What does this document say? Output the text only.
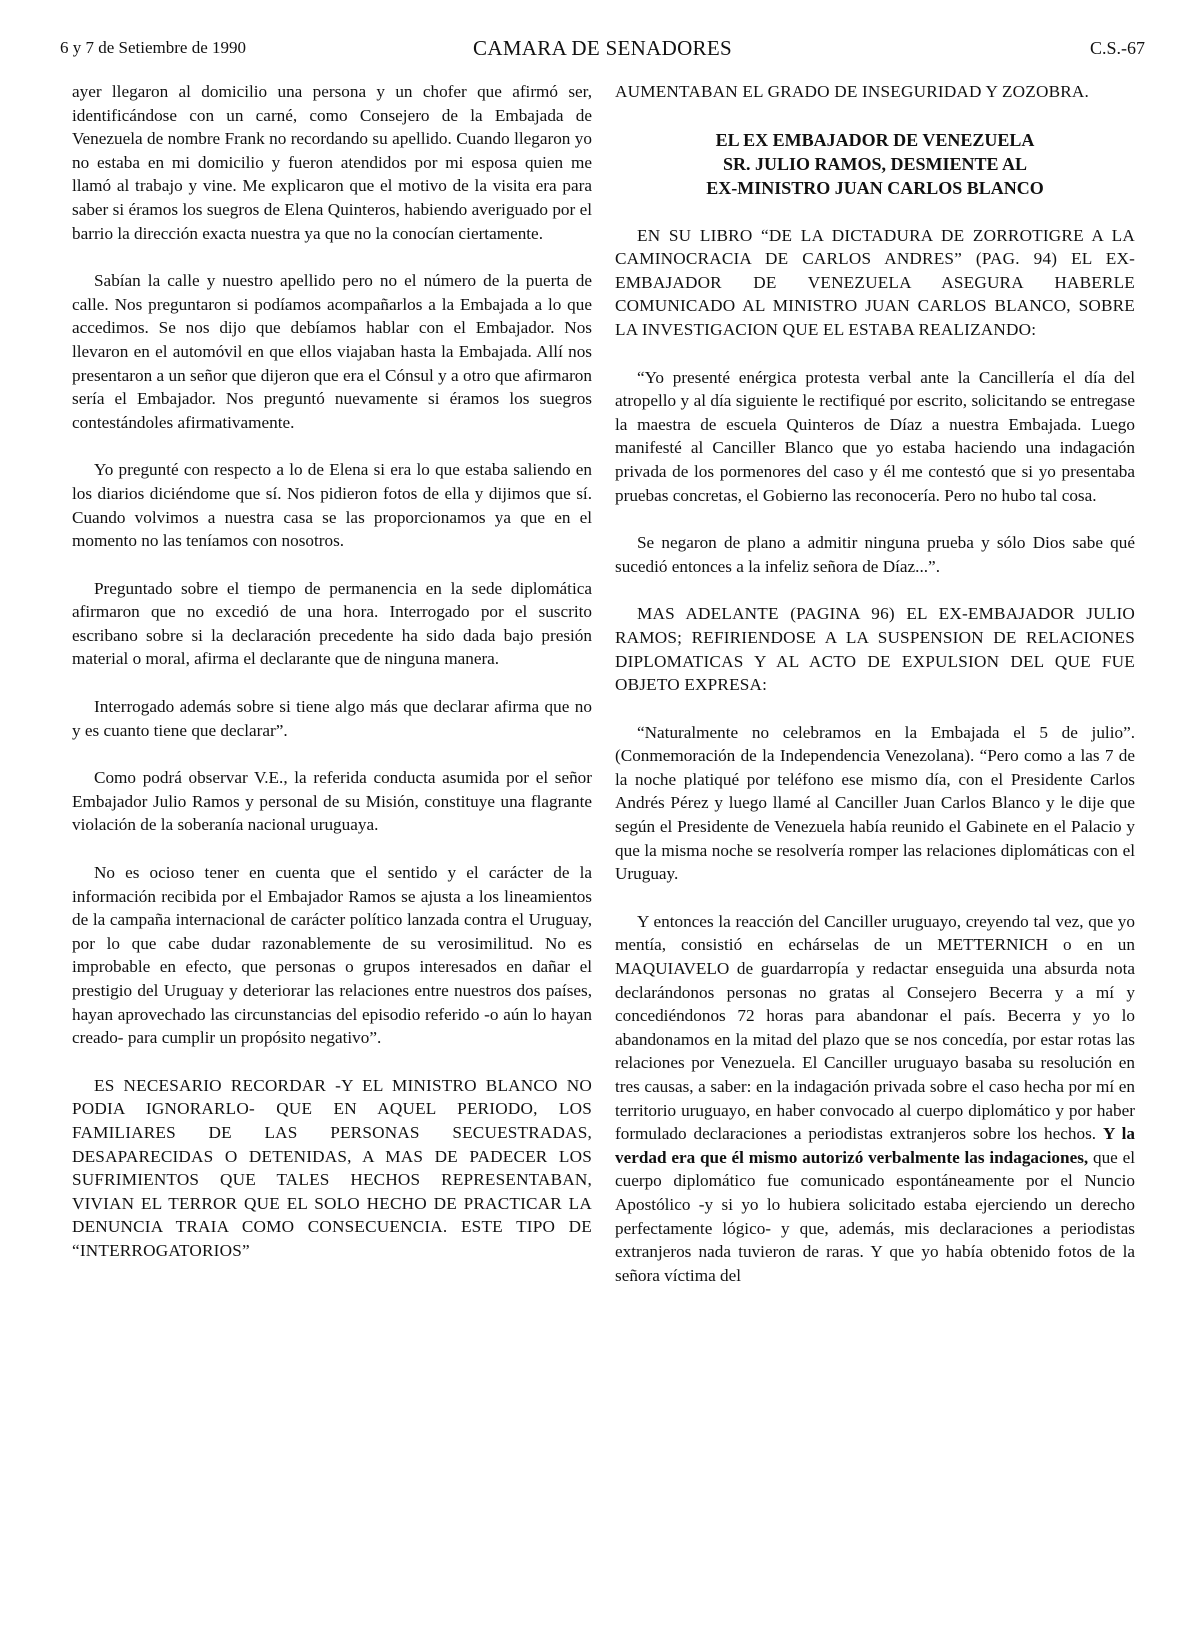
6 y 7 de Setiembre de 1990	CAMARA DE SENADORES	C.S.-67

ayer llegaron al domicilio una persona y un chofer que afirmó ser, identificándose con un carné, como Consejero de la Embajada de Venezuela de nombre Frank no recordando su apellido. Cuando llegaron yo no estaba en mi domicilio y fueron atendidos por mi esposa quien me llamó al trabajo y vine. Me explicaron que el motivo de la visita era para saber si éramos los suegros de Elena Quinteros, habiendo averiguado por el barrio la dirección exacta nuestra ya que no la conocían ciertamente.

Sabían la calle y nuestro apellido pero no el número de la puerta de calle. Nos preguntaron si podíamos acompañarlos a la Embajada a lo que accedimos. Se nos dijo que debíamos hablar con el Embajador. Nos llevaron en el automóvil en que ellos viajaban hasta la Embajada. Allí nos presentaron a un señor que dijeron que era el Cónsul y a otro que afirmaron sería el Embajador. Nos preguntó nuevamente si éramos los suegros contestándoles afirmativamente.

Yo pregunté con respecto a lo de Elena si era lo que estaba saliendo en los diarios diciéndome que sí. Nos pidieron fotos de ella y dijimos que sí. Cuando volvimos a nuestra casa se las proporcionamos ya que en el momento no las teníamos con nosotros.

Preguntado sobre el tiempo de permanencia en la sede diplomática afirmaron que no excedió de una hora. Interrogado por el suscrito escribano sobre si la declaración precedente ha sido dada bajo presión material o moral, afirma el declarante que de ninguna manera.

Interrogado además sobre si tiene algo más que declarar afirma que no y es cuanto tiene que declarar”.

Como podrá observar V.E., la referida conducta asumida por el señor Embajador Julio Ramos y personal de su Misión, constituye una flagrante violación de la soberanía nacional uruguaya.

No es ocioso tener en cuenta que el sentido y el carácter de la información recibida por el Embajador Ramos se ajusta a los lineamientos de la campaña internacional de carácter político lanzada contra el Uruguay, por lo que cabe dudar razonablemente de su verosimilitud. No es improbable en efecto, que personas o grupos interesados en dañar el prestigio del Uruguay y deteriorar las relaciones entre nuestros dos países, hayan aprovechado las circunstancias del episodio referido -o aún lo hayan creado- para cumplir un propósito negativo”.

ES NECESARIO RECORDAR -Y EL MINISTRO BLANCO NO PODIA IGNORARLO- QUE EN AQUEL PERIODO, LOS FAMILIARES DE LAS PERSONAS SECUESTRADAS, DESAPARECIDAS O DETENIDAS, A MAS DE PADECER LOS SUFRIMIENTOS QUE TALES HECHOS REPRESENTABAN, VIVIAN EL TERROR QUE EL SOLO HECHO DE PRACTICAR LA DENUNCIA TRAIA COMO CONSECUENCIA. ESTE TIPO DE “INTERROGATORIOS”

AUMENTABAN EL GRADO DE INSEGURIDAD Y ZOZOBRA.

EL EX EMBAJADOR DE VENEZUELA

SR. JULIO RAMOS, DESMIENTE AL

EX-MINISTRO JUAN CARLOS BLANCO

EN SU LIBRO “DE LA DICTADURA DE ZORROTIGRE A LA CAMINOCRACIA DE CARLOS ANDRES” (PAG. 94) EL EX-EMBAJADOR DE VENEZUELA ASEGURA HABERLE COMUNICADO AL MINISTRO JUAN CARLOS BLANCO, SOBRE LA INVESTIGACION QUE EL ESTABA REALIZANDO:

“Yo presenté enérgica protesta verbal ante la Cancillería el día del atropello y al día siguiente le rectifiqué por escrito, solicitando se entregase la maestra de escuela Quinteros de Díaz a nuestra Embajada. Luego manifesté al Canciller Blanco que yo estaba haciendo una indagación privada de los pormenores del caso y él me contestó que si yo presentaba pruebas concretas, el Gobierno las reconocería. Pero no hubo tal cosa.

Se negaron de plano a admitir ninguna prueba y sólo Dios sabe qué sucedió entonces a la infeliz señora de Díaz...”.

MAS ADELANTE (PAGINA 96) EL EX-EMBAJADOR JULIO RAMOS; REFIRIENDOSE A LA SUSPENSION DE RELACIONES DIPLOMATICAS Y AL ACTO DE EXPULSION DEL QUE FUE OBJETO EXPRESA:

“Naturalmente no celebramos en la Embajada el 5 de julio”. (Conmemoración de la Independencia Venezolana). “Pero como a las 7 de la noche platiqué por teléfono ese mismo día, con el Presidente Carlos Andrés Pérez y luego llamé al Canciller Juan Carlos Blanco y le dije que según el Presidente de Venezuela había reunido el Gabinete en el Palacio y que la misma noche se resolvería romper las relaciones diplomáticas con el Uruguay.

Y entonces la reacción del Canciller uruguayo, creyendo tal vez, que yo mentía, consistió en echárselas de un METTERNICH o en un MAQUIAVELO de guardarropía y redactar enseguida una absurda nota declarándonos personas no gratas al Consejero Becerra y a mí y concediéndonos 72 horas para abandonar el país. Becerra y yo lo abandonamos en la mitad del plazo que se nos concedía, por estar rotas las relaciones por Venezuela. El Canciller uruguayo basaba su resolución en tres causas, a saber: en la indagación privada sobre el caso hecha por mí en territorio uruguayo, en haber convocado al cuerpo diplomático y por haber formulado declaraciones a periodistas extranjeros sobre los hechos. Y la verdad era que él mismo autorizó verbalmente las indagaciones, que el cuerpo diplomático fue comunicado espontáneamente por el Nuncio Apostólico -y si yo lo hubiera solicitado estaba ejerciendo un derecho perfectamente lógico- y que, además, mis declaraciones a periodistas extranjeros nada tuvieron de raras. Y que yo había obtenido fotos de la señora víctima del
